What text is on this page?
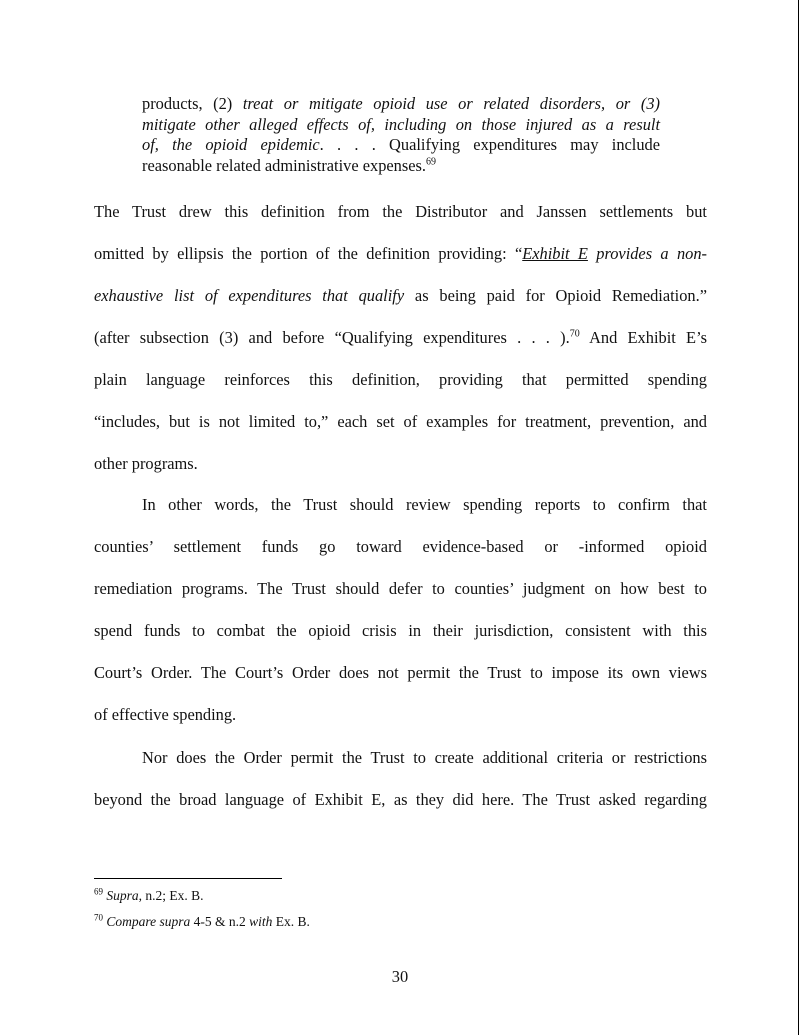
products, (2) treat or mitigate opioid use or related disorders, or (3)
mitigate other alleged effects of, including on those injured as a result
of, the opioid epidemic. . . . Qualifying expenditures may include
reasonable related administrative expenses.$^{69}$
The Trust drew this definition from the Distributor and Janssen settlements but
omitted by ellipsis the portion of the definition providing: “Exhibit E provides a non-
exhaustive list of expenditures that qualify as being paid for Opioid Remediation.”
(after subsection (3) and before “Qualifying expenditures . . . ).$^{70}$ And Exhibit E’s
plain language reinforces this definition, providing that permitted spending
“includes, but is not limited to,” each set of examples for treatment, prevention, and
other programs.
In other words, the Trust should review spending reports to confirm that
counties’ settlement funds go toward evidence-based or -informed opioid
remediation programs. The Trust should defer to counties’ judgment on how best to
spend funds to combat the opioid crisis in their jurisdiction, consistent with this
Court’s Order. The Court’s Order does not permit the Trust to impose its own views
of effective spending.
Nor does the Order permit the Trust to create additional criteria or restrictions
beyond the broad language of Exhibit E, as they did here. The Trust asked regarding
$^{69}$ Supra, n.2; Ex. B.
$^{70}$ Compare supra 4-5 & n.2 with Ex. B.
30
